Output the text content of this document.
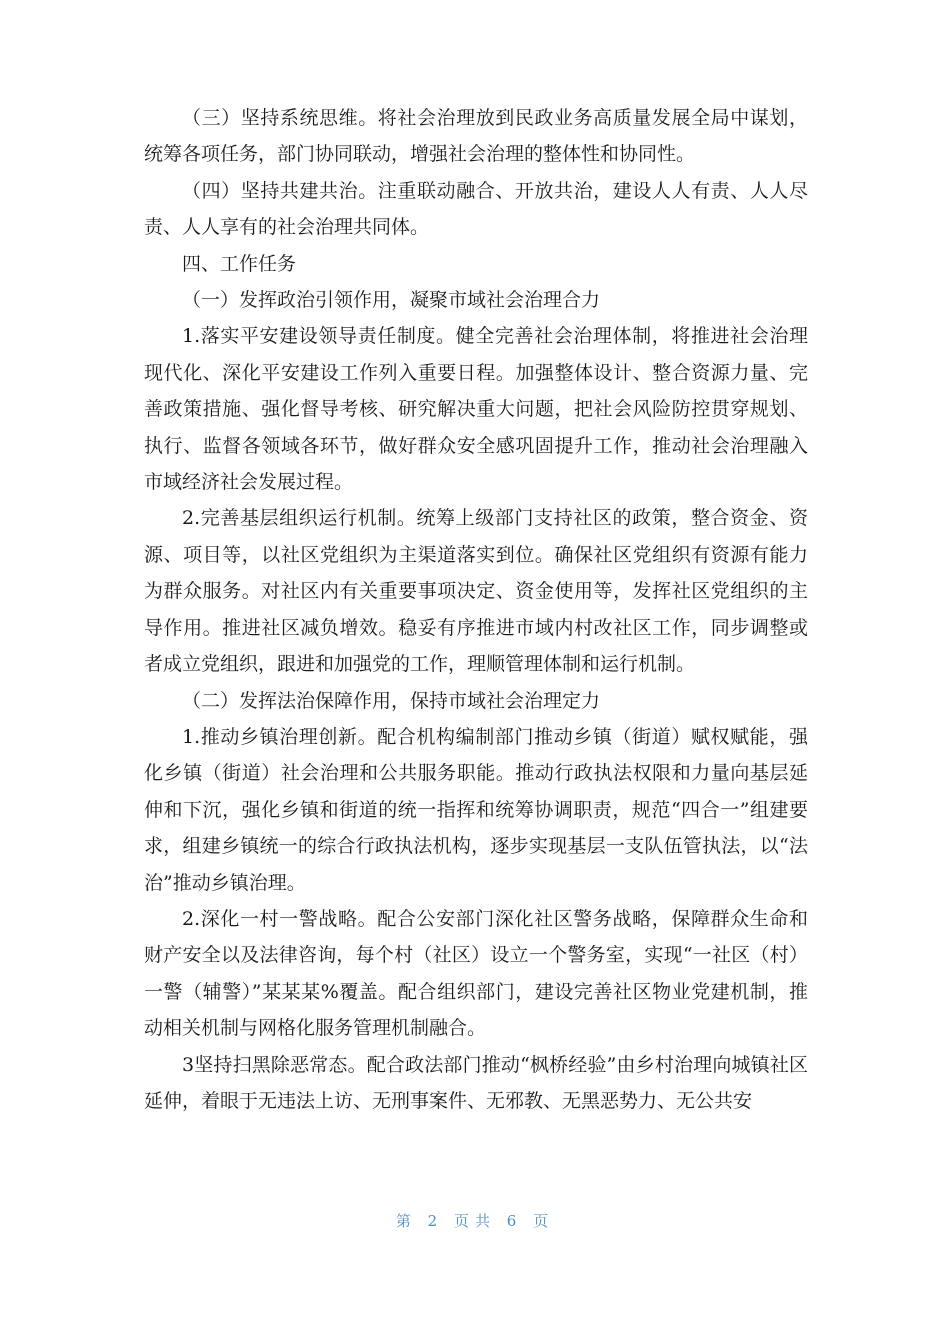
（三）坚持系统思维。将社会治理放到民政业务高质量发展全局中谋划，统筹各项任务，部门协同联动，增强社会治理的整体性和协同性。

（四）坚持共建共治。注重联动融合、开放共治，建设人人有责、人人尽责、人人享有的社会治理共同体。

四、工作任务

（一）发挥政治引领作用，凝聚市域社会治理合力

1.落实平安建设领导责任制度。健全完善社会治理体制，将推进社会治理现代化、深化平安建设工作列入重要日程。加强整体设计、整合资源力量、完善政策措施、强化督导考核、研究解决重大问题，把社会风险防控贯穿规划、执行、监督各领域各环节，做好群众安全感巩固提升工作，推动社会治理融入市域经济社会发展过程。

2.完善基层组织运行机制。统筹上级部门支持社区的政策，整合资金、资源、项目等，以社区党组织为主渠道落实到位。确保社区党组织有资源有能力为群众服务。对社区内有关重要事项决定、资金使用等，发挥社区党组织的主导作用。推进社区减负增效。稳妥有序推进市域内村改社区工作，同步调整或者成立党组织，跟进和加强党的工作，理顺管理体制和运行机制。

（二）发挥法治保障作用，保持市域社会治理定力

1.推动乡镇治理创新。配合机构编制部门推动乡镇（街道）赋权赋能，强化乡镇（街道）社会治理和公共服务职能。推动行政执法权限和力量向基层延伸和下沉，强化乡镇和街道的统一指挥和统筹协调职责，规范“四合一”组建要求，组建乡镇统一的综合行政执法机构，逐步实现基层一支队伍管执法，以“法治”推动乡镇治理。

2.深化一村一警战略。配合公安部门深化社区警务战略，保障群众生命和财产安全以及法律咨询，每个村（社区）设立一个警务室，实现“一社区（村）一警（辅警）”某某某%覆盖。配合组织部门，建设完善社区物业党建机制，推动相关机制与网格化服务管理机制融合。

3坚持扫黑除恶常态。配合政法部门推动“枫桥经验”由乡村治理向城镇社区延伸，着眼于无违法上访、无刑事案件、无邪教、无黑恶势力、无公共安

第 2 页共 6 页
